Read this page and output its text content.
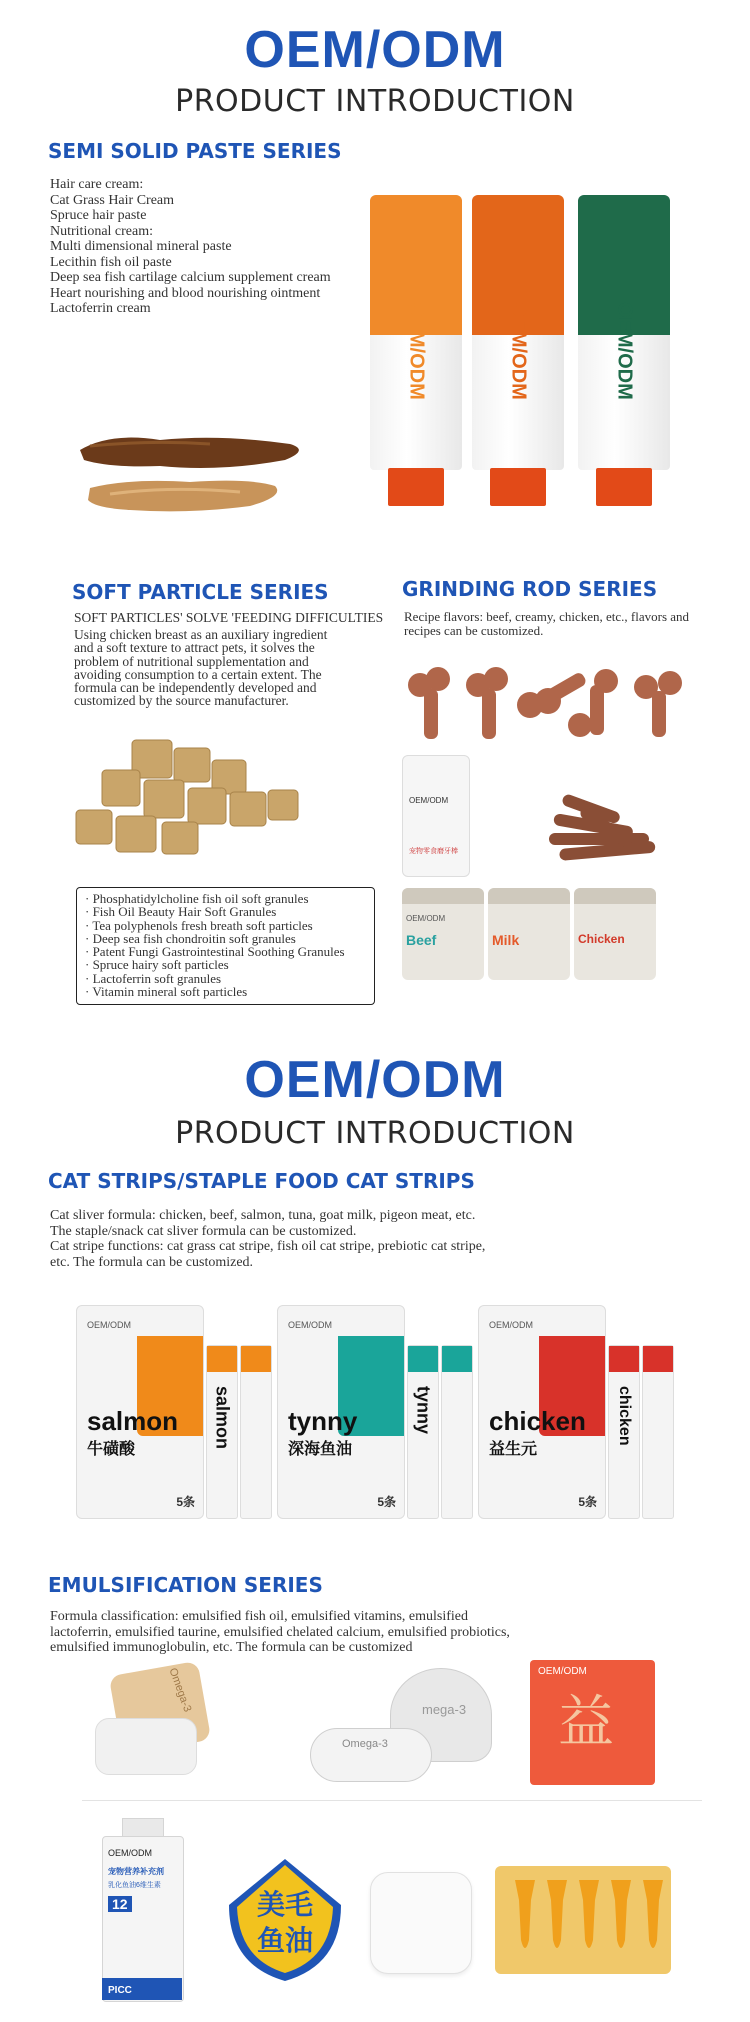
OEM/ODM
PRODUCT INTRODUCTION
SEMI SOLID PASTE SERIES
Hair care cream:
Cat Grass Hair Cream
Spruce hair paste
Nutritional cream:
Multi dimensional mineral paste
Lecithin fish oil paste
Deep sea fish cartilage calcium supplement cream
Heart nourishing and blood nourishing ointment
Lactoferrin cream	OEM/ODM	OEM/ODM	OEM/ODM
SOFT PARTICLE SERIES
SOFT PARTICLES' SOLVE 'FEEDING DIFFICULTIES
Using chicken breast as an auxiliary ingredient
and a soft texture to attract pets, it solves the
problem of nutritional supplementation and
avoiding consumption to a certain extent. The
formula can be independently developed and
customized by the source manufacturer.
· Phosphatidylcholine fish oil soft granules
· Fish Oil Beauty Hair Soft Granules
· Tea polyphenols fresh breath soft particles
· Deep sea fish chondroitin soft granules
· Patent Fungi Gastrointestinal Soothing Granules
· Spruce hairy soft particles
· Lactoferrin soft granules
· Vitamin mineral soft particles
GRINDING ROD SERIES
Recipe flavors: beef, creamy, chicken, etc., flavors and
recipes can be customized.
OEM/ODM
宠物零食磨牙棒
OEM/ODM
Beef	Milk	Chicken
OEM/ODM
PRODUCT INTRODUCTION
CAT STRIPS/STAPLE FOOD CAT STRIPS
Cat sliver formula: chicken, beef, salmon, tuna, goat milk, pigeon meat, etc.
The staple/snack cat sliver formula can be customized.
Cat stripe functions: cat grass cat stripe, fish oil cat stripe, prebiotic cat stripe,
etc. The formula can be customized.
OEM/ODM
salmon
牛磺酸
5条
salmon
OEM/ODM
tynny
深海鱼油
5条
tynny
OEM/ODM
chicken
益生元
5条
chicken
EMULSIFICATION SERIES
Formula classification: emulsified fish oil, emulsified vitamins, emulsified
lactoferrin, emulsified taurine, emulsified chelated calcium, emulsified probiotics,
emulsified immunoglobulin, etc. The formula can be customized
Omega-3
Omega-3
mega-3
OEM/ODM
益
OEM/ODM
宠物营养补充剂
乳化鱼油6维生素
12
PICC
美毛
鱼油
